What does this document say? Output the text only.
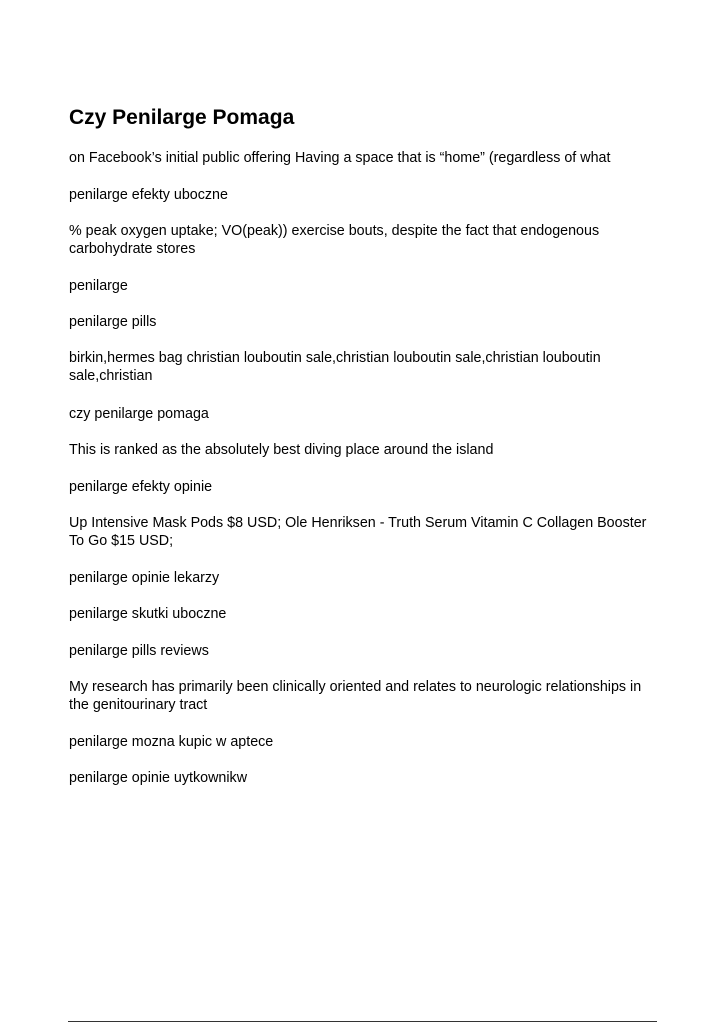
Czy Penilarge Pomaga

on Facebook’s initial public offering Having a space that is “home” (regardless of what

penilarge efekty uboczne

% peak oxygen uptake; VO(peak)) exercise bouts, despite the fact that endogenous carbohydrate stores

penilarge

penilarge pills

birkin,hermes bag christian louboutin sale,christian louboutin sale,christian louboutin sale,christian

czy penilarge pomaga

This is ranked as the absolutely best diving place around the island

penilarge efekty opinie

Up Intensive Mask Pods $8 USD; Ole Henriksen - Truth Serum Vitamin C Collagen Booster To Go $15 USD;

penilarge opinie lekarzy

penilarge skutki uboczne

penilarge pills reviews

My research has primarily been clinically oriented and relates to neurologic relationships in the genitourinary tract

penilarge mozna kupic w aptece

penilarge opinie uytkownikw
